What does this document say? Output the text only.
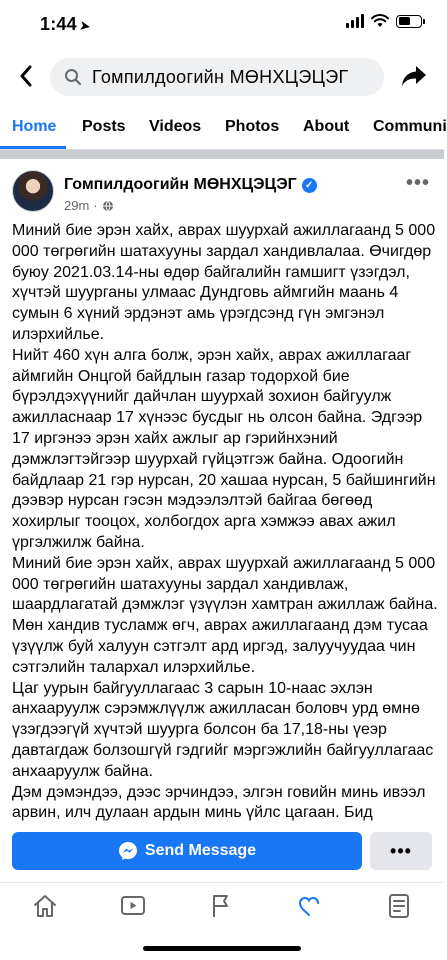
1:44 ➤
Гомпилдоогийн МӨНХЦЭЦЭГ
Home Posts Videos Photos About Communi
Гомпилдоогийн МӨНХЦЭЦЭГ ✓
29m ·
•••

Миний бие эрэн хайх, аврах шуурхай ажиллагаанд 5 000 000 төгрөгийн шатахууны зардал хандивлалаа. Өчигдөр буюу 2021.03.14-ны өдөр байгалийн гамшигт үзэгдэл, хүчтэй шуурганы улмаас Дундговь аймгийн маань 4 сумын 6 хүний эрдэнэт амь үрэгдсэнд гүн эмгэнэл илэрхийлье.

Нийт 460 хүн алга болж, эрэн хайх, аврах ажиллагааг аймгийн Онцгой байдлын газар тодорхой бие бүрэлдэхүүнийг дайчлан шуурхай зохион байгуулж ажилласнаар 17 хүнээс бусдыг нь олсон байна. Эдгээр 17 иргэнээ эрэн хайх ажлыг ар гэрийнхэний дэмжлэгтэйгээр шуурхай гүйцэтгэж байна. Одоогийн байдлаар 21 гэр нурсан, 20 хашаа нурсан, 5 байшингийн дээвэр нурсан гэсэн мэдээлэлтэй байгаа бөгөөд хохирлыг тооцох, холбогдох арга хэмжээ авах ажил үргэлжилж байна.

Миний бие эрэн хайх, аврах шуурхай ажиллагаанд 5 000 000 төгрөгийн шатахууны зардал хандивлаж, шаардлагатай дэмжлэг үзүүлэн хамтран ажиллаж байна. Мөн хандив тусламж өгч, аврах ажиллагаанд дэм тусаа үзүүлж буй халуун сэтгэлт ард иргэд, залуучуудаа чин сэтгэлийн талархал илэрхийлье.

Цаг уурын байгууллагаас 3 сарын 10-наас эхлэн анхааруулж сэрэмжлүүлж ажилласан боловч урд өмнө үзэгдээгүй хүчтэй шуурга болсон ба 17,18-ны үеэр давтагдаж болзошгүй гэдгийг мэргэжлийн байгууллагаас анхааруулж байна.

Дэм дэмэндээ, дээс эрчиндээ, элгэн говийн минь ивээл арвин, илч дулаан ардын минь үйлс цагаан. Бид

Send Message	•••
